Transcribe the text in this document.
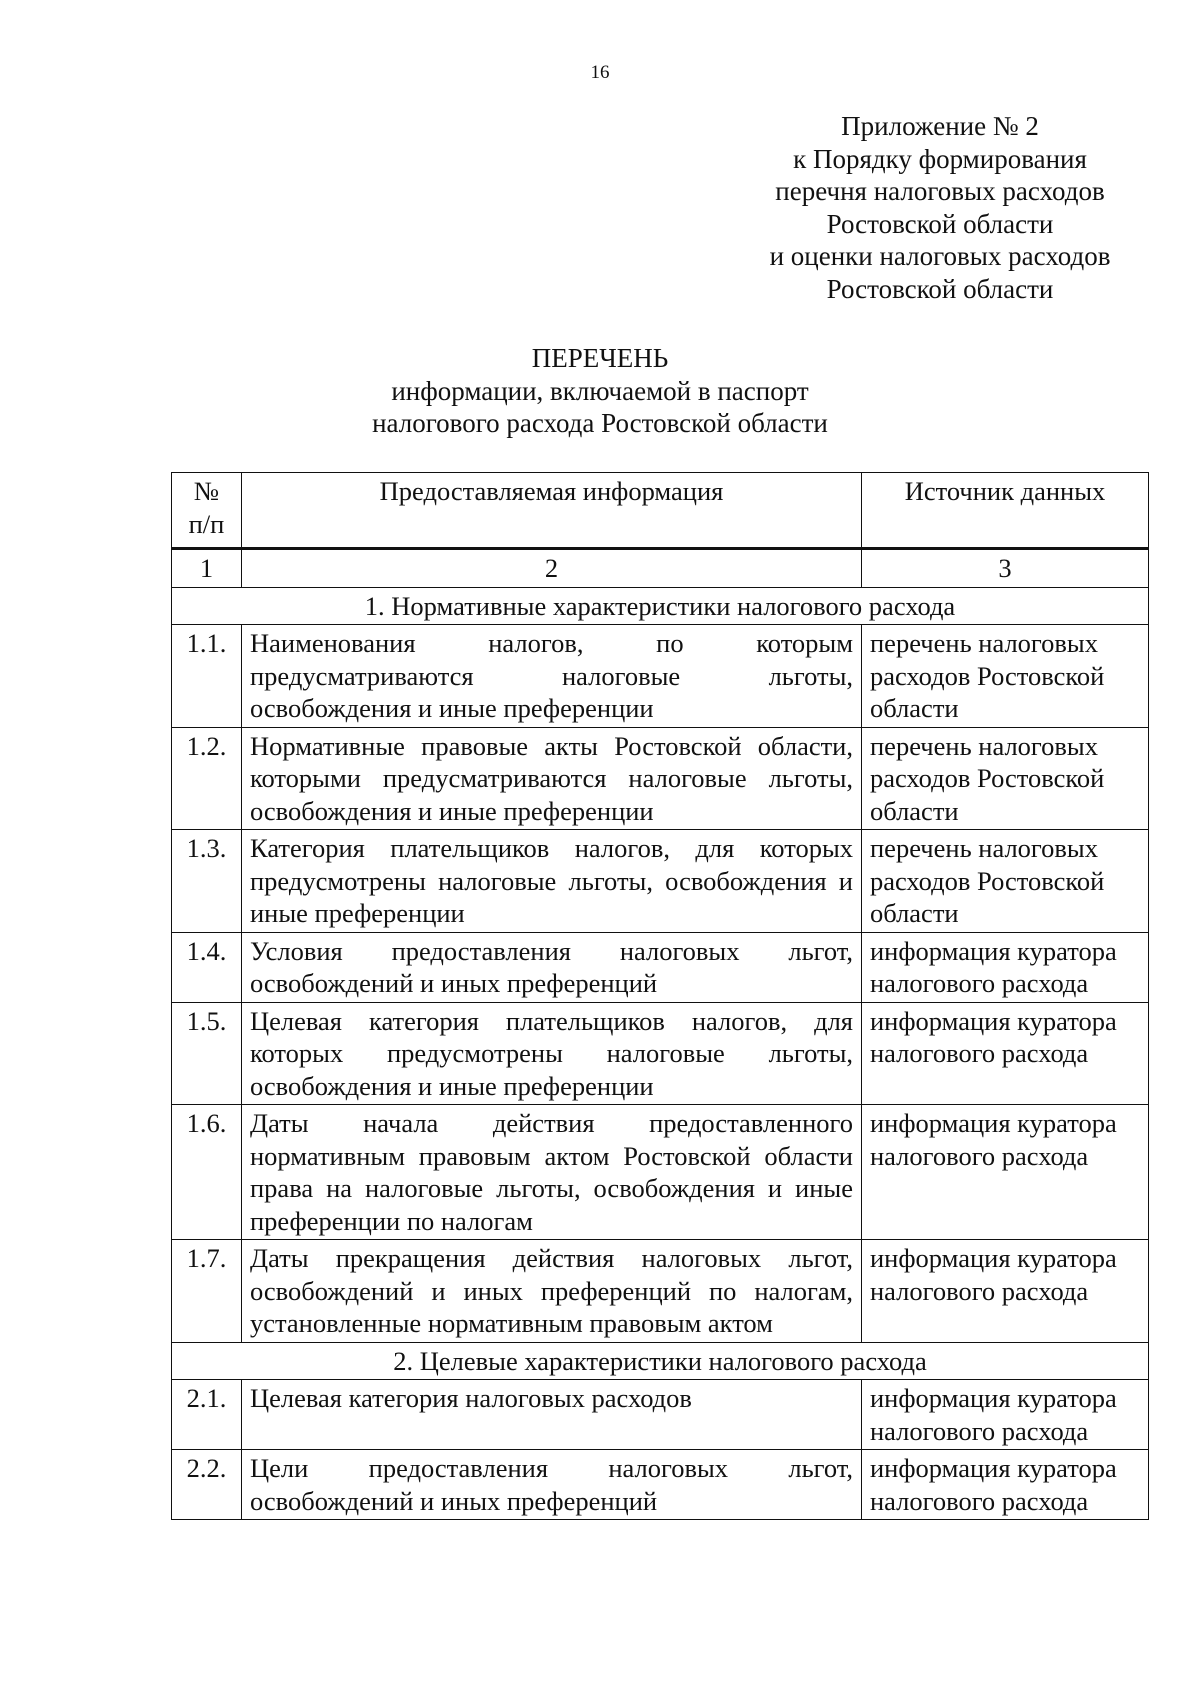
16
Приложение № 2
к Порядку формирования
перечня налоговых расходов
Ростовской области
и оценки налоговых расходов
Ростовской области
ПЕРЕЧЕНЬ
информации, включаемой в паспорт
налогового расхода Ростовской области
№ п/п	Предоставляемая информация	Источник данных
1	2	3
1. Нормативные характеристики налогового расхода		
1.1.	Наименования налогов, по которым предусматриваются налоговые льготы, освобождения и иные преференции	перечень налоговых расходов Ростовской области
1.2.	Нормативные правовые акты Ростовской области, которыми предусматриваются налоговые льготы, освобождения и иные преференции	перечень налоговых расходов Ростовской области
1.3.	Категория плательщиков налогов, для которых предусмотрены налоговые льготы, освобождения и иные преференции	перечень налоговых расходов Ростовской области
1.4.	Условия предоставления налоговых льгот, освобождений и иных преференций	информация куратора налогового расхода
1.5.	Целевая категория плательщиков налогов, для которых предусмотрены налоговые льготы, освобождения и иные преференции	информация куратора налогового расхода
1.6.	Даты начала действия предоставленного нормативным правовым актом Ростовской области права на налоговые льготы, освобождения и иные преференции по налогам	информация куратора налогового расхода
1.7.	Даты прекращения действия налоговых льгот, освобождений и иных преференций по налогам, установленные нормативным правовым актом	информация куратора налогового расхода
2. Целевые характеристики налогового расхода		
2.1.	Целевая категория налоговых расходов	информация куратора налогового расхода
2.2.	Цели предоставления налоговых льгот, освобождений и иных преференций	информация куратора налогового расхода
